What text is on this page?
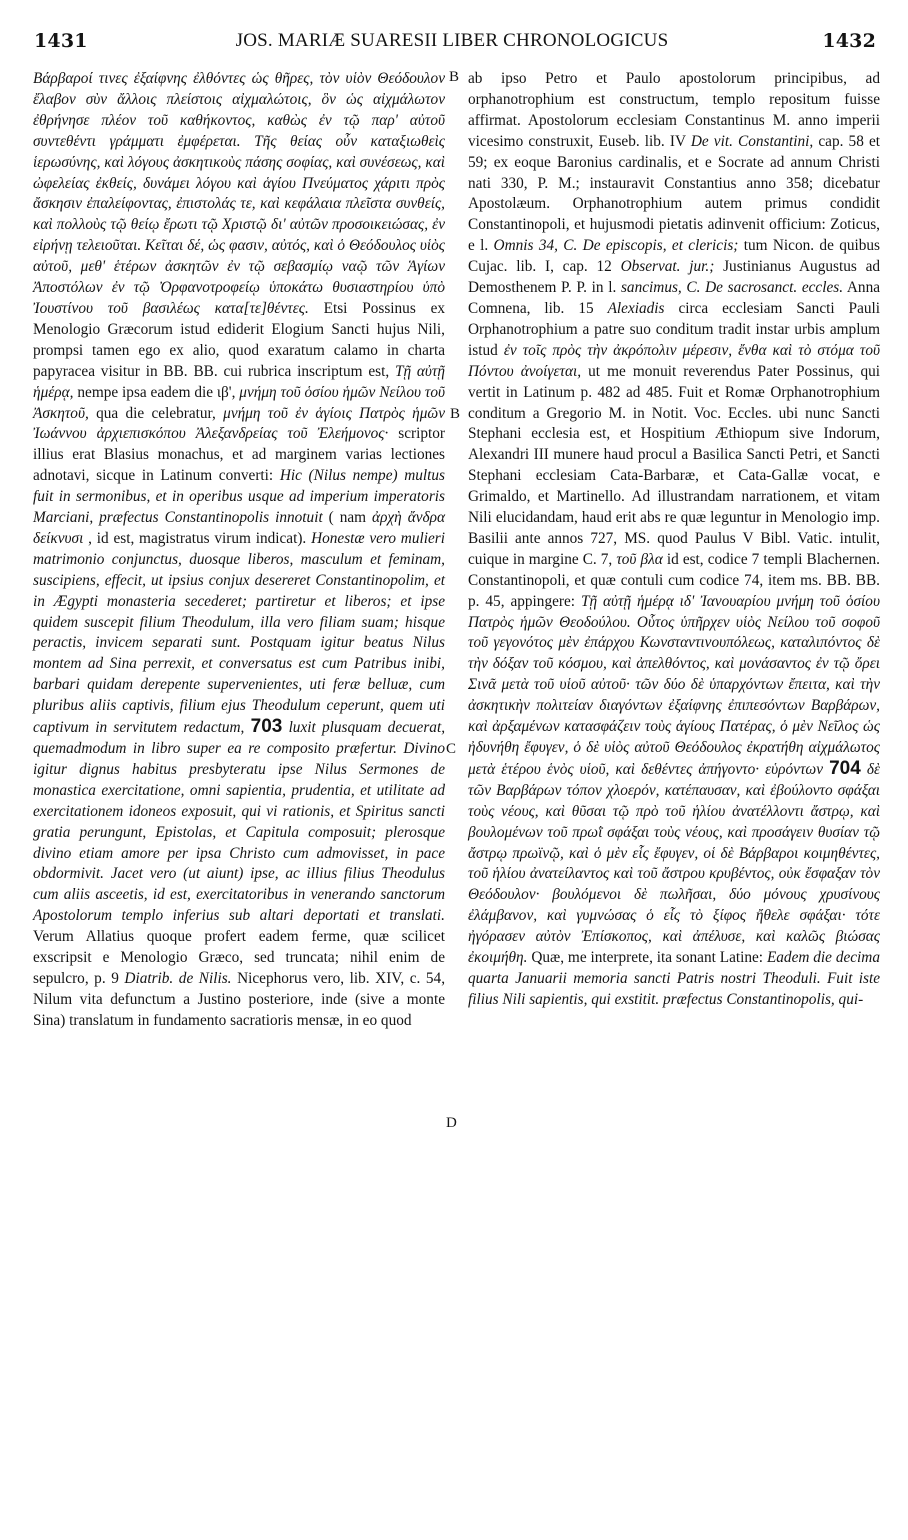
1431	JOS. MARIÆ SUARESII LIBER CHRONOLOGICUS	1432
B
B
C
D

Βάρβαροί τινες ἐξαίφνης ἐλθόντες ὡς θῆρες, τὸν υἱὸν Θεόδουλον ἔλαβον σὺν ἄλλοις πλείστοις αἰχμαλώτοις, ὃν ὡς αἰχμάλωτον ἐθρήνησε πλέον τοῦ καθήκοντος, καθὼς ἐν τῷ παρ' αὐτοῦ συντεθέντι γράμματι ἐμφέρεται. Τῆς θείας οὖν καταξιωθεὶς ἱερωσύνης, καὶ λόγους ἀσκητικοὺς πάσης σοφίας, καὶ συνέσεως, καὶ ὠφελείας ἐκθείς, δυνάμει λόγου καὶ ἁγίου Πνεύματος χάριτι πρὸς ἄσκησιν ἐπαλείφοντας, ἐπιστολάς τε, καὶ κεφάλαια πλεῖστα συνθείς, καὶ πολλοὺς τῷ θείῳ ἔρωτι τῷ Χριστῷ δι' αὐτῶν προσοικειώσας, ἐν εἰρήνῃ τελειοῦται. Κεῖται δέ, ὡς φασιν, αὐτός, καὶ ὁ Θεόδουλος υἱὸς αὐτοῦ, μεθ' ἑτέρων ἀσκητῶν ἐν τῷ σεβασμίῳ ναῷ τῶν Ἁγίων Ἀποστόλων ἐν τῷ Ὀρφανοτροφείῳ ὑποκάτω θυσιαστηρίου ὑπὸ Ἰουστίνου τοῦ βασιλέως κατα[τε]θέντες. Etsi Possinus ex Menologio Græcorum istud ediderit Elogium Sancti hujus Nili, prompsi tamen ego ex alio, quod exaratum calamo in charta papyracea visitur in BB. BB. cui rubrica inscriptum est, Τῇ αὐτῇ ἡμέρᾳ, nempe ipsa eadem die ιβ', μνήμη τοῦ ὁσίου ἡμῶν Νείλου τοῦ Ἀσκητοῦ, qua die celebratur, μνήμη τοῦ ἐν ἁγίοις Πατρὸς ἡμῶν Ἰωάννου ἀρχιεπισκόπου Ἀλεξανδρείας τοῦ Ἐλεήμονος· scriptor illius erat Blasius monachus, et ad marginem varias lectiones adnotavi, sicque in Latinum converti: Hic (Nilus nempe) multus fuit in sermonibus, et in operibus usque ad imperium imperatoris Marciani, præfectus Constantinopolis innotuit ( nam ἀρχὴ ἄνδρα δείκνυσι , id est, magistratus virum indicat). Honestæ vero mulieri matrimonio conjunctus, duosque liberos, masculum et feminam, suscipiens, effecit, ut ipsius conjux desereret Constantinopolim, et in Ægypti monasteria secederet; partiretur et liberos; et ipse quidem suscepit filium Theodulum, illa vero filiam suam; hisque peractis, invicem separati sunt. Postquam igitur beatus Nilus montem ad Sina perrexit, et conversatus est cum Patribus inibi, barbari quidam derepente supervenientes, uti feræ belluæ, cum pluribus aliis captivis, filium ejus Theodulum ceperunt, quem uti captivum in servitutem redactum, 703 luxit plusquam decuerat, quemadmodum in libro super ea re composito præfertur. Divino igitur dignus habitus presbyteratu ipse Nilus Sermones de monastica exercitatione, omni sapientia, prudentia, et utilitate ad exercitationem idoneos exposuit, qui vi rationis, et Spiritus sancti gratia perungunt, Epistolas, et Capitula composuit; plerosque divino etiam amore per ipsa Christo cum admovisset, in pace obdormivit. Jacet vero (ut aiunt) ipse, ac illius filius Theodulus cum aliis asceetis, id est, exercitatoribus in venerando sanctorum Apostolorum templo inferius sub altari deportati et translati. Verum Allatius quoque profert eadem ferme, quæ scilicet exscripsit e Menologio Græco, sed truncata; nihil enim de sepulcro, p. 9 Diatrib. de Nilis. Nicephorus vero, lib. XIV, c. 54, Nilum vita defunctum a Justino posteriore, inde (sive a monte Sina) translatum in fundamento sacratioris mensæ, in eo quod

ab ipso Petro et Paulo apostolorum principibus, ad orphanotrophium est constructum, templo repositum fuisse affirmat. Apostolorum ecclesiam Constantinus M. anno imperii vicesimo construxit, Euseb. lib. IV De vit. Constantini, cap. 58 et 59; ex eoque Baronius cardinalis, et e Socrate ad annum Christi nati 330, P. M.; instauravit Constantius anno 358; dicebatur Apostolæum. Orphanotrophium autem primus condidit Constantinopoli, et hujusmodi pietatis adinvenit officium: Zoticus, e l. Omnis 34, C. De episcopis, et clericis; tum Nicon. de quibus Cujac. lib. I, cap. 12 Observat. jur.; Justinianus Augustus ad Demosthenem P. P. in l. sancimus, C. De sacrosanct. eccles. Anna Comnena, lib. 15 Alexiadis circa ecclesiam Sancti Pauli Orphanotrophium a patre suo conditum tradit instar urbis amplum istud ἐν τοῖς πρὸς τὴν ἀκρόπολιν μέρεσιν, ἔνθα καὶ τὸ στόμα τοῦ Πόντου ἀνοίγεται, ut me monuit reverendus Pater Possinus, qui vertit in Latinum p. 482 ad 485. Fuit et Romæ Orphanotrophium conditum a Gregorio M. in Notit. Voc. Eccles. ubi nunc Sancti Stephani ecclesia est, et Hospitium Æthiopum sive Indorum, Alexandri III munere haud procul a Basilica Sancti Petri, et Sancti Stephani ecclesiam Cata-Barbaræ, et Cata-Gallæ vocat, e Grimaldo, et Martinello. Ad illustrandam narrationem, et vitam Nili elucidandam, haud erit abs re quæ leguntur in Menologio imp. Basilii ante annos 727, MS. quod Paulus V Bibl. Vatic. intulit, cuique in margine C. 7, τοῦ βλα id est, codice 7 templi Blachernen. Constantinopoli, et quæ contuli cum codice 74, item ms. BB. BB. p. 45, appingere: Τῇ αὐτῇ ἡμέρᾳ ιδ' Ἰανουαρίου μνήμη τοῦ ὁσίου Πατρὸς ἡμῶν Θεοδούλου. Οὗτος ὑπῆρχεν υἱὸς Νείλου τοῦ σοφοῦ τοῦ γεγονότος μὲν ἐπάρχου Κωνσταντινουπόλεως, καταλιπόντος δὲ τὴν δόξαν τοῦ κόσμου, καὶ ἀπελθόντος, καὶ μονάσαντος ἐν τῷ ὄρει Σινᾶ μετὰ τοῦ υἱοῦ αὐτοῦ· τῶν δύο δὲ ὑπαρχόντων ἔπειτα, καὶ τὴν ἀσκητικὴν πολιτείαν διαγόντων ἐξαίφνης ἐπιπεσόντων Βαρβάρων, καὶ ἀρξαμένων κατασφάζειν τοὺς ἁγίους Πατέρας, ὁ μὲν Νεῖλος ὡς ἠδυνήθη ἔφυγεν, ὁ δὲ υἱὸς αὐτοῦ Θεόδουλος ἐκρατήθη αἰχμάλωτος μετὰ ἑτέρου ἑνὸς υἱοῦ, καὶ δεθέντες ἀπήγοντο· εὑρόντων 704 δὲ τῶν Βαρβάρων τόπον χλοερόν, κατέπαυσαν, καὶ ἐβούλοντο σφάξαι τοὺς νέους, καὶ θῦσαι τῷ πρὸ τοῦ ἡλίου ἀνατέλλοντι ἄστρῳ, καὶ βουλομένων τοῦ πρωῒ σφάξαι τοὺς νέους, καὶ προσάγειν θυσίαν τῷ ἄστρῳ πρωϊνῷ, καὶ ὁ μὲν εἷς ἔφυγεν, οἱ δὲ Βάρβαροι κοιμηθέντες, τοῦ ἡλίου ἀνατείλαντος καὶ τοῦ ἄστρου κρυβέντος, οὐκ ἔσφαξαν τὸν Θεόδουλον· βουλόμενοι δὲ πωλῆσαι, δύο μόνους χρυσίνους ἐλάμβανον, καὶ γυμνώσας ὁ εἷς τὸ ξίφος ἤθελε σφάξαι· τότε ἠγόρασεν αὐτὸν Ἐπίσκοπος, καὶ ἀπέλυσε, καὶ καλῶς βιώσας ἐκοιμήθη. Quæ, me interprete, ita sonant Latine: Eadem die decima quarta Januarii memoria sancti Patris nostri Theoduli. Fuit iste filius Nili sapientis, qui exstitit. præfectus Constantinopolis, qui-
